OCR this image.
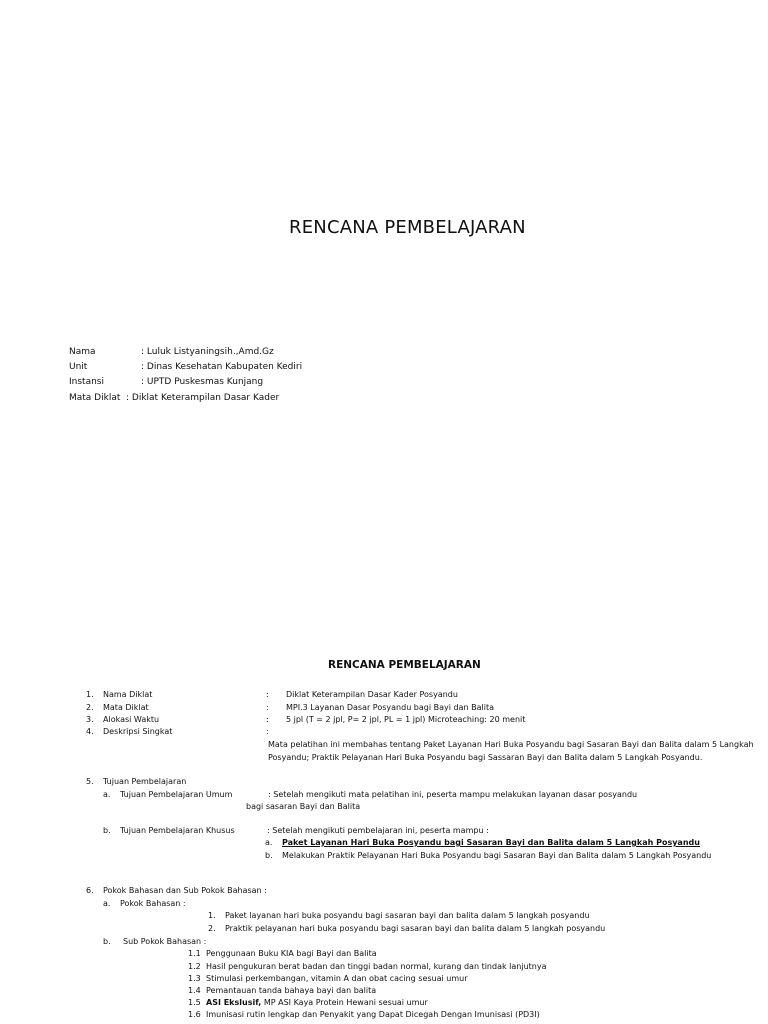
RENCANA PEMBELAJARAN
Nama	: Luluk Listyaningsih.,Amd.Gz
Unit	: Dinas Kesehatan Kabupaten Kediri
Instansi	: UPTD Puskesmas Kunjang
Mata Diklat : Diklat Keterampilan Dasar Kader
RENCANA PEMBELAJARAN
1. Nama Diklat	: Diklat Keterampilan Dasar Kader Posyandu
2. Mata Diklat	: MPI.3 Layanan Dasar Posyandu bagi Bayi dan Balita
3. Alokasi Waktu	: 5 jpl (T = 2 jpl, P= 2 jpl, PL = 1 jpl) Microteaching: 20 menit
4. Deskripsi Singkat	:
Mata pelatihan ini membahas tentang Paket Layanan Hari Buka Posyandu bagi Sasaran Bayi dan Balita dalam 5 Langkah
Posyandu; Praktik Pelayanan Hari Buka Posyandu bagi Sassaran Bayi dan Balita dalam 5 Langkah Posyandu.
5. Tujuan Pembelajaran
a. Tujuan Pembelajaran Umum	: Setelah mengikuti mata pelatihan ini, peserta mampu melakukan layanan dasar posyandu
bagi sasaran Bayi dan Balita
b. Tujuan Pembelajaran Khusus	: Setelah mengikuti pembelajaran ini, peserta mampu :
a. Paket Layanan Hari Buka Posyandu bagi Sasaran Bayi dan Balita dalam 5 Langkah Posyandu
b. Melakukan Praktik Pelayanan Hari Buka Posyandu bagi Sasaran Bayi dan Balita dalam 5 Langkah Posyandu
6. Pokok Bahasan dan Sub Pokok Bahasan :
a. Pokok Bahasan :
1. Paket layanan hari buka posyandu bagi sasaran bayi dan balita dalam 5 langkah posyandu
2. Praktik pelayanan hari buka posyandu bagi sasaran bayi dan balita dalam 5 langkah posyandu
b. Sub Pokok Bahasan :
1.1 Penggunaan Buku KIA bagi Bayi dan Balita
1.2 Hasil pengukuran berat badan dan tinggi badan normal, kurang dan tindak lanjutnya
1.3 Stimulasi perkembangan, vitamin A dan obat cacing sesuai umur
1.4 Pemantauan tanda bahaya bayi dan balita
1.5 ASI Ekslusif, MP ASI Kaya Protein Hewani sesuai umur
1.6 Imunisasi rutin lengkap dan Penyakit yang Dapat Dicegah Dengan Imunisasi (PD3I)
